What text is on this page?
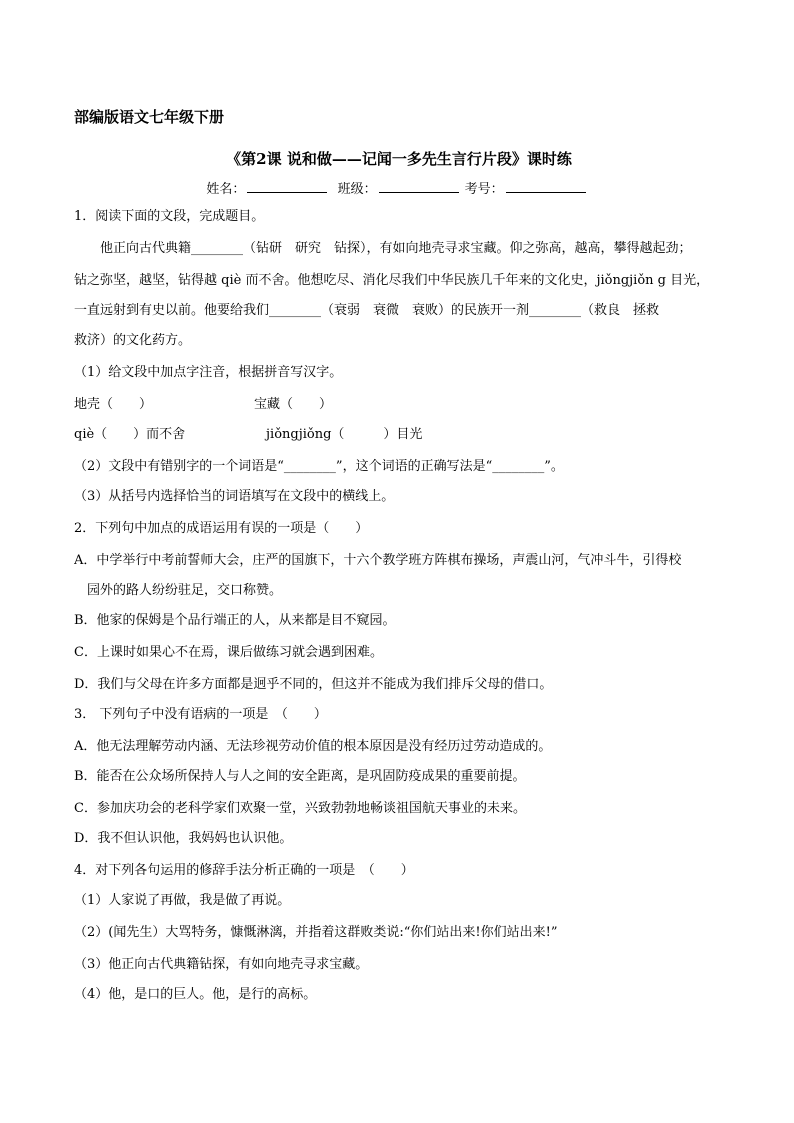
部编版语文七年级下册
《第2课 说和做——记闻一多先生言行片段》课时练
姓名：	班级：	考号：
1．阅读下面的文段，完成题目。
他正向古代典籍________（钻研　研究　钻探），有如向地壳寻求宝藏。仰之弥高，越高，攀得越起劲；
钻之弥坚，越坚，钻得越 qiè 而不舍。他想吃尽、消化尽我们中华民族几千年来的文化史，jiǒngjiǒn g 目光，
一直远射到有史以前。他要给我们________（衰弱　衰微　衰败）的民族开一剂________（救良　拯救
救济）的文化药方。
（1）给文段中加点字注音，根据拼音写汉字。
地壳（　　）	宝藏（　　）
qiè（　　）而不舍	jiǒngjiǒng（　　　）目光
（2）文段中有错别字的一个词语是“________”，这个词语的正确写法是“________”。
（3）从括号内选择恰当的词语填写在文段中的横线上。
2．下列句中加点的成语运用有误的一项是（　　）
A．中学举行中考前誓师大会，庄严的国旗下，十六个教学班方阵棋布操场，声震山河，气冲斗牛，引得校
园外的路人纷纷驻足，交口称赞。
B．他家的保姆是个品行端正的人，从来都是目不窥园。
C．上课时如果心不在焉，课后做练习就会遇到困难。
D．我们与父母在许多方面都是迥乎不同的，但这并不能成为我们排斥父母的借口。
3． 下列句子中没有语病的一项是　（　　）
A．他无法理解劳动内涵、无法珍视劳动价值的根本原因是没有经历过劳动造成的。
B．能否在公众场所保持人与人之间的安全距离，是巩固防疫成果的重要前提。
C．参加庆功会的老科学家们欢聚一堂，兴致勃勃地畅谈祖国航天事业的未来。
D．我不但认识他，我妈妈也认识他。
4．对下列各句运用的修辞手法分析正确的一项是　（　　）
（1）人家说了再做，我是做了再说。
（2）(闻先生）大骂特务，慷慨淋漓，并指着这群败类说:“你们站出来!你们站出来!”
（3）他正向古代典籍钻探，有如向地壳寻求宝藏。
（4）他，是口的巨人。他，是行的高标。
